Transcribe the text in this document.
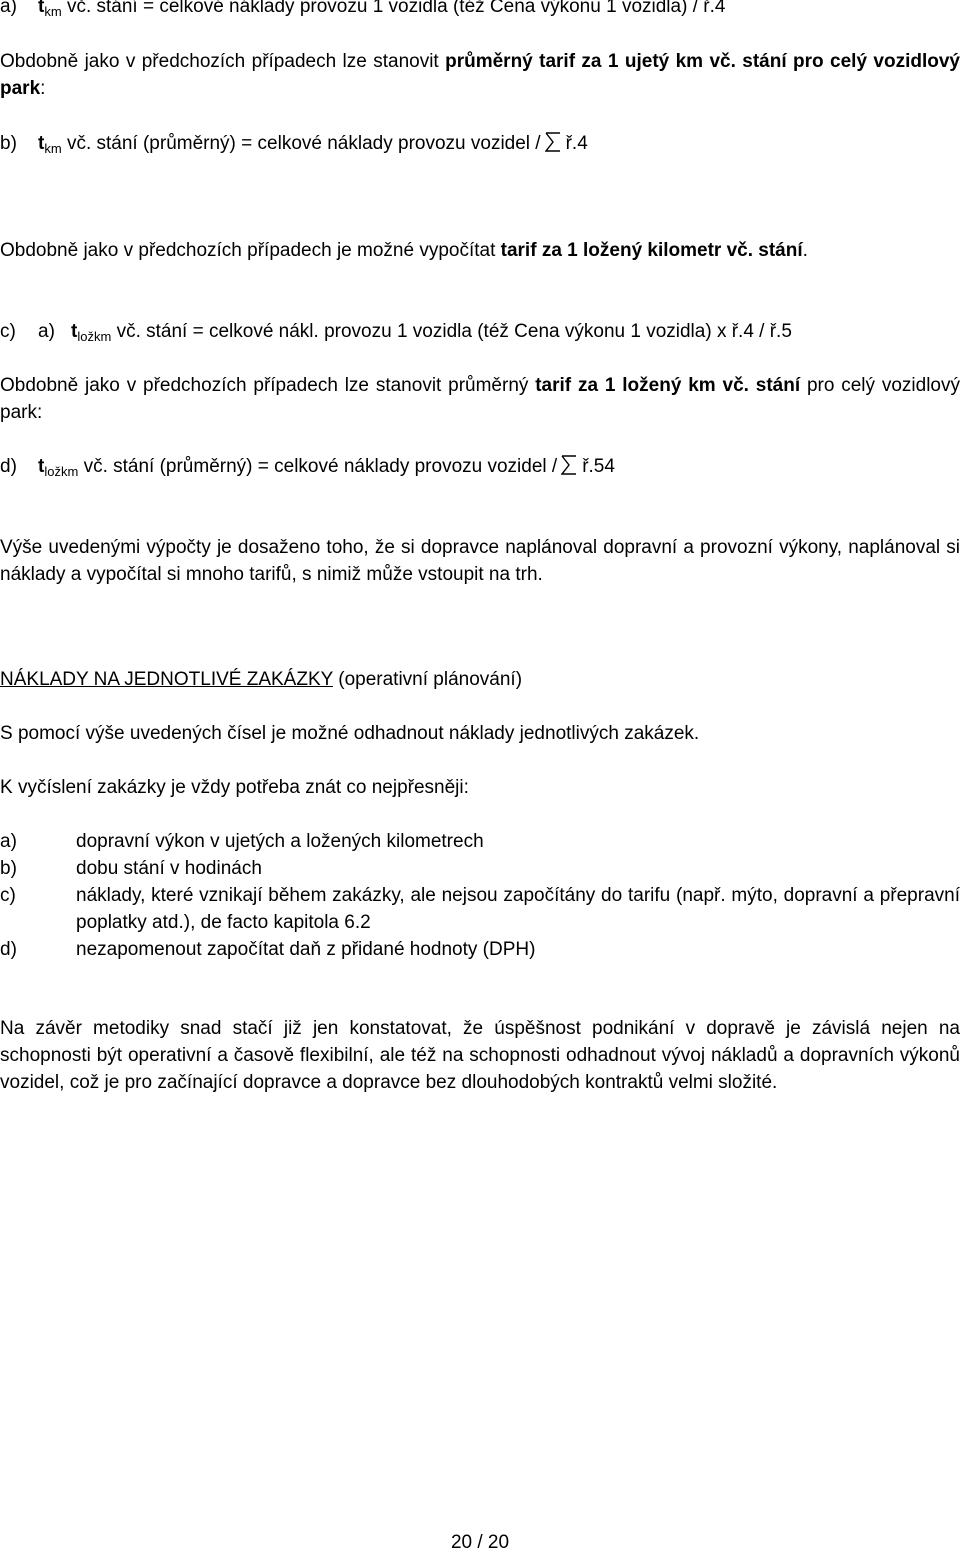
a) $t_{km}$ vč. stání = celkové náklady provozu 1 vozidla (též Cena výkonu 1 vozidla) / ř.4
Obdobně jako v předchozích případech lze stanovit průměrný tarif za 1 ujetý km vč. stání pro celý vozidlový park:
b) $t_{km}$ vč. stání (průměrný) = celkové náklady provozu vozidel / ř.4
Obdobně jako v předchozích případech je možné vypočítat tarif za 1 ložený kilometr vč. stání.
c) a) $t_{ložkm}$ vč. stání = celkové nákl. provozu 1 vozidla (též Cena výkonu 1 vozidla) x ř.4 / ř.5
Obdobně jako v předchozích případech lze stanovit průměrný tarif za 1 ložený km vč. stání pro celý vozidlový park:
d) $t_{ložkm}$ vč. stání (průměrný) = celkové náklady provozu vozidel / ř.54
Výše uvedenými výpočty je dosaženo toho, že si dopravce naplánoval dopravní a provozní výkony, naplánoval si náklady a vypočítal si mnoho tarifů, s nimiž může vstoupit na trh.
NÁKLADY NA JEDNOTLIVÉ ZAKÁZKY (operativní plánování)
S pomocí výše uvedených čísel je možné odhadnout náklady jednotlivých zakázek.
K vyčíslení zakázky je vždy potřeba znát co nejpřesněji:
a)	dopravní výkon v ujetých a ložených kilometrech
b)	dobu stání v hodinách
c)	náklady, které vznikají během zakázky, ale nejsou započítány do tarifu (např. mýto, dopravní a přepravní poplatky atd.), de facto kapitola 6.2
d)	nezapomenout započítat daň z přidané hodnoty (DPH)
Na závěr metodiky snad stačí již jen konstatovat, že úspěšnost podnikání v dopravě je závislá nejen na schopnosti být operativní a časově flexibilní, ale též na schopnosti odhadnout vývoj nákladů a dopravních výkonů vozidel, což je pro začínající dopravce a dopravce bez dlouhodobých kontraktů velmi složité.
20 / 20
